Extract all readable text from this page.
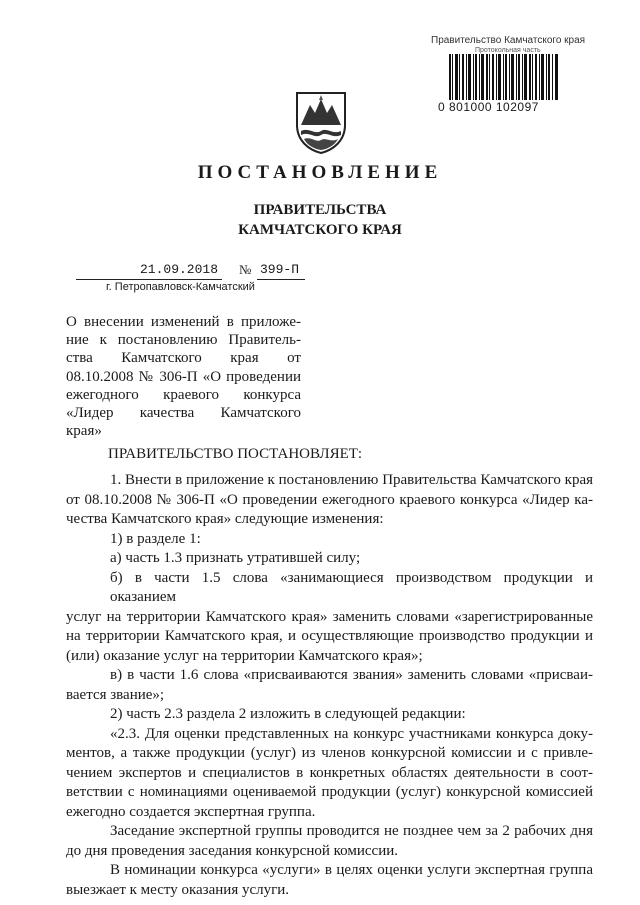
Правительство Камчатского края
Протокольная часть
0 801000 102097
ПОСТАНОВЛЕНИЕ
ПРАВИТЕЛЬСТВА
КАМЧАТСКОГО КРАЯ
21.09.2018 № 399-П
г. Петропавловск-Камчатский
О внесении изменений в приложе-
ние к постановлению Правитель-
ства Камчатского края от
08.10.2008 № 306-П «О проведении
ежегодного краевого конкурса
«Лидер качества Камчатского
края»
ПРАВИТЕЛЬСТВО ПОСТАНОВЛЯЕТ:
1. Внести в приложение к постановлению Правительства Камчатского края
от 08.10.2008 № 306-П «О проведении ежегодного краевого конкурса «Лидер ка-
чества Камчатского края» следующие изменения:
1) в разделе 1:
а) часть 1.3 признать утратившей силу;
б) в части 1.5 слова «занимающиеся производством продукции и оказанием
услуг на территории Камчатского края» заменить словами «зарегистрированные
на территории Камчатского края, и осуществляющие производство продукции и
(или) оказание услуг на территории Камчатского края»;
в) в части 1.6 слова «присваиваются звания» заменить словами «присваи-
вается звание»;
2) часть 2.3 раздела 2 изложить в следующей редакции:
«2.3. Для оценки представленных на конкурс участниками конкурса доку-
ментов, а также продукции (услуг) из членов конкурсной комиссии и с привле-
чением экспертов и специалистов в конкретных областях деятельности в соот-
ветствии с номинациями оцениваемой продукции (услуг) конкурсной комиссией
ежегодно создается экспертная группа.
Заседание экспертной группы проводится не позднее чем за 2 рабочих дня
до дня проведения заседания конкурсной комиссии.
В номинации конкурса «услуги» в целях оценки услуги экспертная группа
выезжает к месту оказания услуги.
